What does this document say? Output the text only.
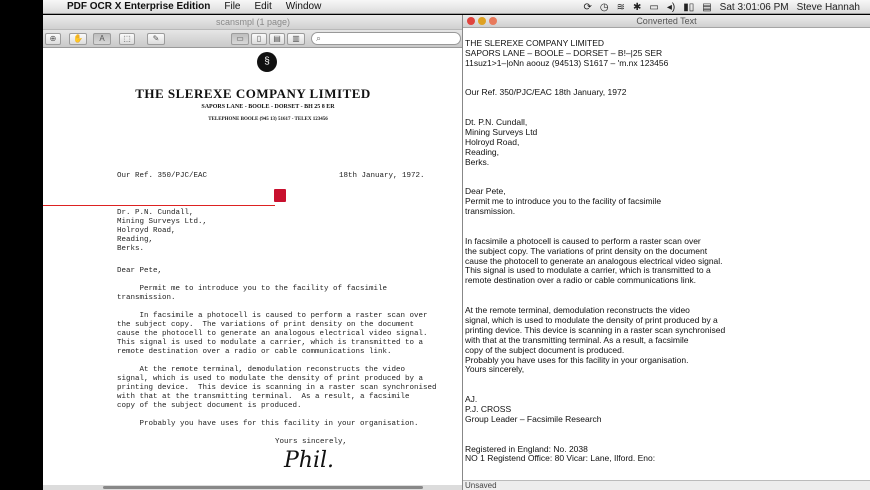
PDF OCR X Enterprise Edition File Edit Window	⟳ ◷ ≋ ✱ ▭ ◂) ▮▯ ▤ Sat 3:01:06 PM Steve Hannah
scansmpl (1 page)
⊕	✋	A	⬚	✎	▭	▯	▤	▥	⌕
§
THE SLEREXE COMPANY LIMITED
SAPORS LANE - BOOLE - DORSET - BH 25 8 ER
TELEPHONE BOOLE (945 13) 51617 - TELEX 123456
Our Ref. 350/PJC/EAC	18th January, 1972.
Dr. P.N. Cundall,
Mining Surveys Ltd.,
Holroyd Road,
Reading,
Berks.
Dear Pete,
Permit me to introduce you to the facility of facsimile
transmission.
In facsimile a photocell is caused to perform a raster scan over
the subject copy.  The variations of print density on the document
cause the photocell to generate an analogous electrical video signal.
This signal is used to modulate a carrier, which is transmitted to a
remote destination over a radio or cable communications link.
At the remote terminal, demodulation reconstructs the video
signal, which is used to modulate the density of print produced by a
printing device.  This device is scanning in a raster scan synchronised
with that at the transmitting terminal.  As a result, a facsimile
copy of the subject document is produced.
Probably you have uses for this facility in your organisation.
Yours sincerely,
Phil.
Converted Text
THE SLEREXE COMPANY LIMITED
SAPORS LANE – BOOLE – DORSET – B!–|25 SER
11suz1>1–|oNn aoouz (94513) S1617 – 'm.nx 123456
Our Ref. 350/PJC/EAC 18th January, 1972
Dt. P.N. Cundall,
Mining Surveys Ltd
Holroyd Road,
Reading,
Berks.
Dear Pete,
Permit me to introduce you to the facility of facsimile
transmission.
In facsimile a photocell is caused to perform a raster scan over
the subject copy. The variations of print density on the document
cause the photocell to generate an analogous electrical video signal.
This signal is used to modulate a carrier, which is transmitted to a
remote destination over a radio or cable communications link.
At the remote terminal, demodulation reconstructs the video
signal, which is used to modulate the density of print produced by a
printing device. This device is scanning in a raster scan synchronised
with that at the transmitting terminal. As a result, a facsimile
copy of the subject document is produced.
Probably you have uses for this facility in your organisation.
Yours sincerely,
AJ.
P.J. CROSS
Group Leader – Facsimile Research
Registered in England: No. 2038
NO 1 Registend Office: 80 Vicar: Lane, Ilford. Eno:
Unsaved
